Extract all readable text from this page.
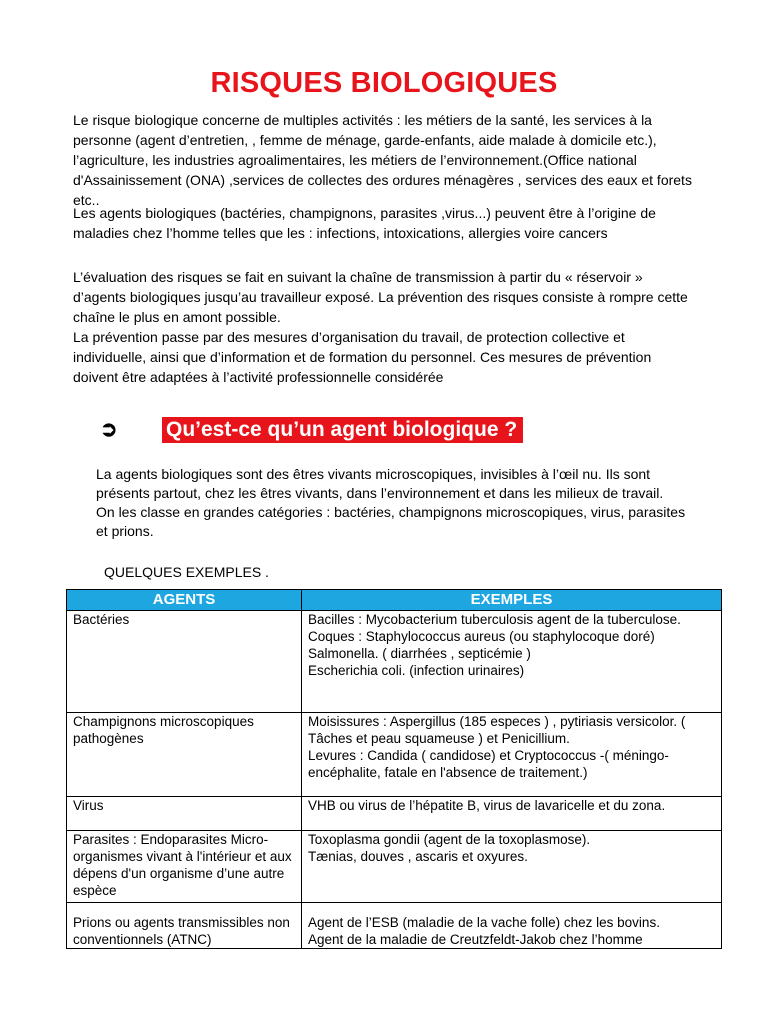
RISQUES BIOLOGIQUES
Le risque biologique concerne de multiples activités : les métiers de la santé, les services à la personne (agent d’entretien, , femme de ménage, garde-enfants, aide malade à domicile etc.), l’agriculture, les industries agroalimentaires, les métiers de l’environnement.(Office national d'Assainissement (ONA) ,services de collectes des ordures ménagères , services des eaux et forets etc..
Les agents biologiques (bactéries, champignons, parasites ,virus...) peuvent être à l’origine de maladies chez l’homme telles que les : infections, intoxications, allergies voire cancers
L’évaluation des risques se fait en suivant la chaîne de transmission à partir du « réservoir » d’agents biologiques jusqu’au travailleur exposé. La prévention des risques consiste à rompre cette chaîne le plus en amont possible.
La prévention passe par des mesures d’organisation du travail, de protection collective et individuelle, ainsi que d’information et de formation du personnel. Ces mesures de prévention doivent être adaptées à l’activité professionnelle considérée
➲ Qu’est-ce qu’un agent biologique ?
La agents biologiques sont des êtres vivants microscopiques, invisibles à l’œil nu. Ils sont présents partout, chez les êtres vivants, dans l’environnement et dans les milieux de travail.
On les classe en grandes catégories : bactéries, champignons microscopiques, virus, parasites et prions.
QUELQUES EXEMPLES .
AGENTS	EXEMPLES
Bactéries	Bacilles : Mycobacterium tuberculosis agent de la tuberculose.
Coques : Staphylococcus aureus (ou staphylocoque doré)
Salmonella. ( diarrhées , septicémie )
Escherichia coli. (infection urinaires)

Champignons microscopiques pathogènes	Moisissures : Aspergillus (185 especes ) , pytiriasis versicolor. ( Tâches et peau squameuse ) et Penicillium.
Levures : Candida ( candidose) et Cryptococcus -( méningo-encéphalite, fatale en l'absence de traitement.)

Virus	VHB ou virus de l’hépatite B, virus de lavaricelle et du zona.

Parasites : Endoparasites Micro-organismes vivant à l'intérieur et aux dépens d'un organisme d’une autre espèce	Toxoplasma gondii (agent de la toxoplasmose).
Tænias, douves , ascaris et oxyures.

Prions ou agents transmissibles non conventionnels (ATNC)	Agent de l’ESB (maladie de la vache folle) chez les bovins.
Agent de la maladie de Creutzfeldt-Jakob chez l’homme
